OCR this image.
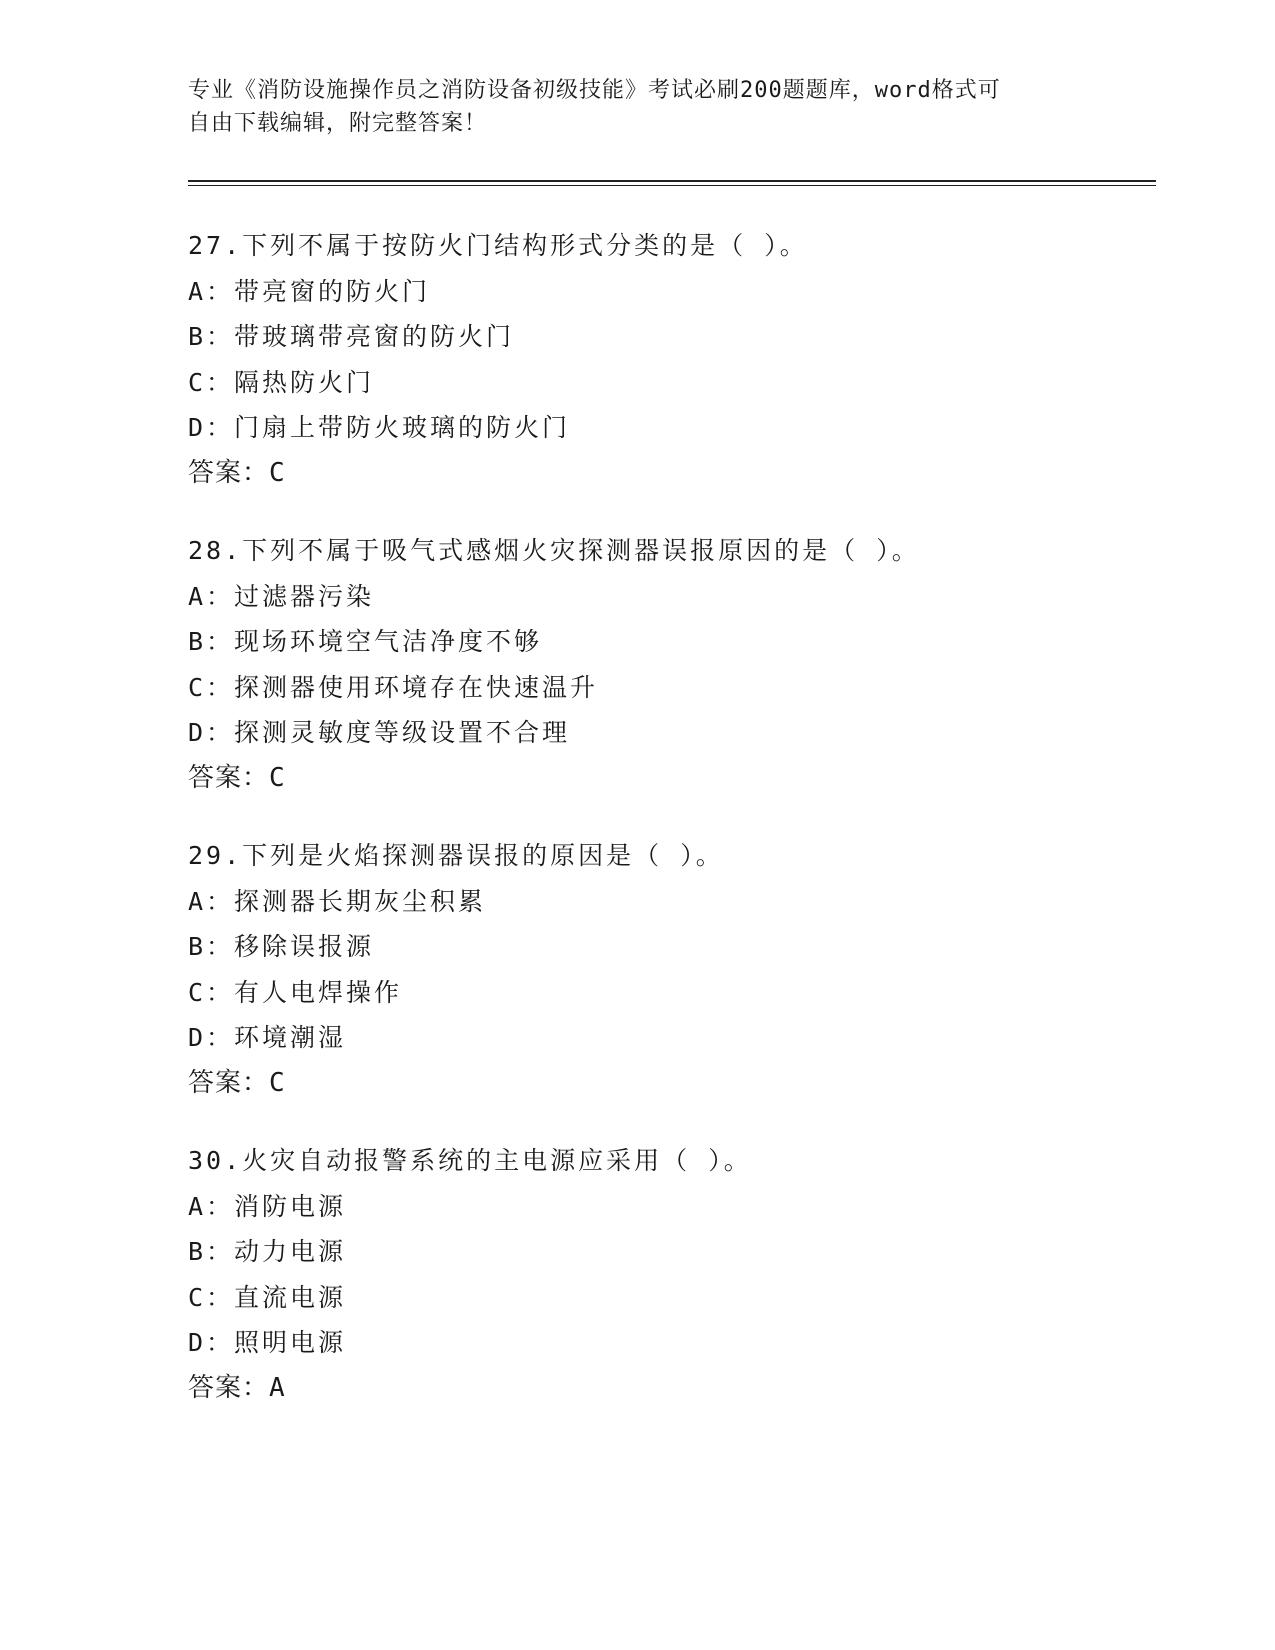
专业《消防设施操作员之消防设备初级技能》考试必刷200题题库，word格式可
自由下载编辑，附完整答案！
27.下列不属于按防火门结构形式分类的是（ ）。
A：带亮窗的防火门
B：带玻璃带亮窗的防火门
C：隔热防火门
D：门扇上带防火玻璃的防火门
答案：C
28.下列不属于吸气式感烟火灾探测器误报原因的是（ ）。
A：过滤器污染
B：现场环境空气洁净度不够
C：探测器使用环境存在快速温升
D：探测灵敏度等级设置不合理
答案：C
29.下列是火焰探测器误报的原因是（ ）。
A：探测器长期灰尘积累
B：移除误报源
C：有人电焊操作
D：环境潮湿
答案：C
30.火灾自动报警系统的主电源应采用（ ）。
A：消防电源
B：动力电源
C：直流电源
D：照明电源
答案：A
